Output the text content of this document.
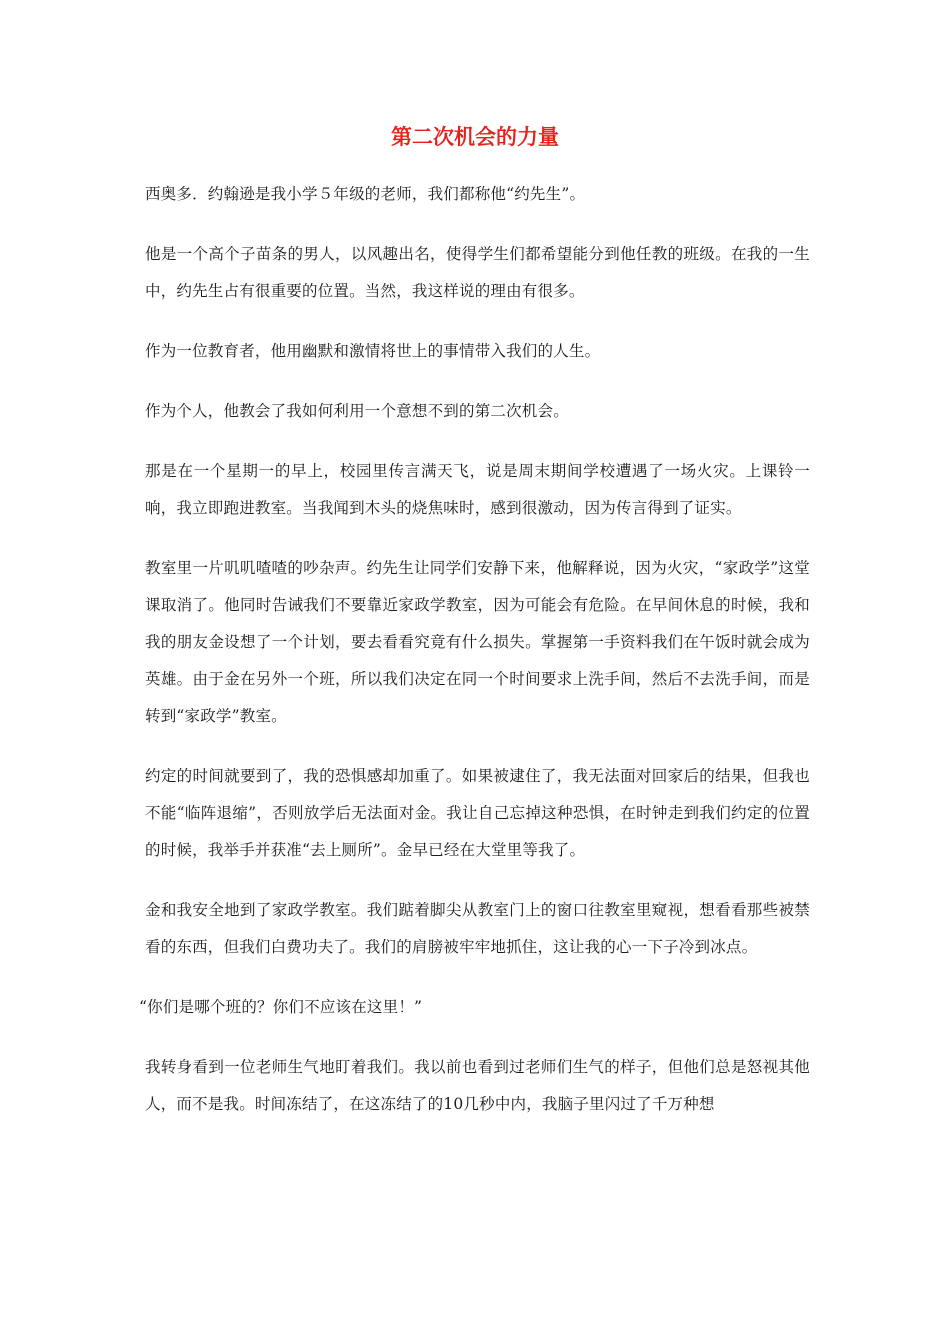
第二次机会的力量

西奥多．约翰逊是我小学５年级的老师，我们都称他“约先生”。

他是一个高个子苗条的男人，以风趣出名，使得学生们都希望能分到他任教的班级。在我的一生中，约先生占有很重要的位置。当然，我这样说的理由有很多。

作为一位教育者，他用幽默和激情将世上的事情带入我们的人生。

作为个人，他教会了我如何利用一个意想不到的第二次机会。

那是在一个星期一的早上，校园里传言满天飞，说是周末期间学校遭遇了一场火灾。上课铃一响，我立即跑进教室。当我闻到木头的烧焦味时，感到很激动，因为传言得到了证实。

教室里一片叽叽喳喳的吵杂声。约先生让同学们安静下来，他解释说，因为火灾，“家政学”这堂课取消了。他同时告诫我们不要靠近家政学教室，因为可能会有危险。在早间休息的时候，我和我的朋友金设想了一个计划，要去看看究竟有什么损失。掌握第一手资料我们在午饭时就会成为英雄。由于金在另外一个班，所以我们决定在同一个时间要求上洗手间，然后不去洗手间，而是转到“家政学”教室。

约定的时间就要到了，我的恐惧感却加重了。如果被逮住了，我无法面对回家后的结果，但我也不能“临阵退缩”，否则放学后无法面对金。我让自己忘掉这种恐惧，在时钟走到我们约定的位置的时候，我举手并获准“去上厕所”。金早已经在大堂里等我了。

金和我安全地到了家政学教室。我们踮着脚尖从教室门上的窗口往教室里窥视，想看看那些被禁看的东西，但我们白费功夫了。我们的肩膀被牢牢地抓住，这让我的心一下子冷到冰点。

“你们是哪个班的？你们不应该在这里！”

我转身看到一位老师生气地盯着我们。我以前也看到过老师们生气的样子，但他们总是怒视其他人，而不是我。时间冻结了，在这冻结了的10几秒中内，我脑子里闪过了千万种想
